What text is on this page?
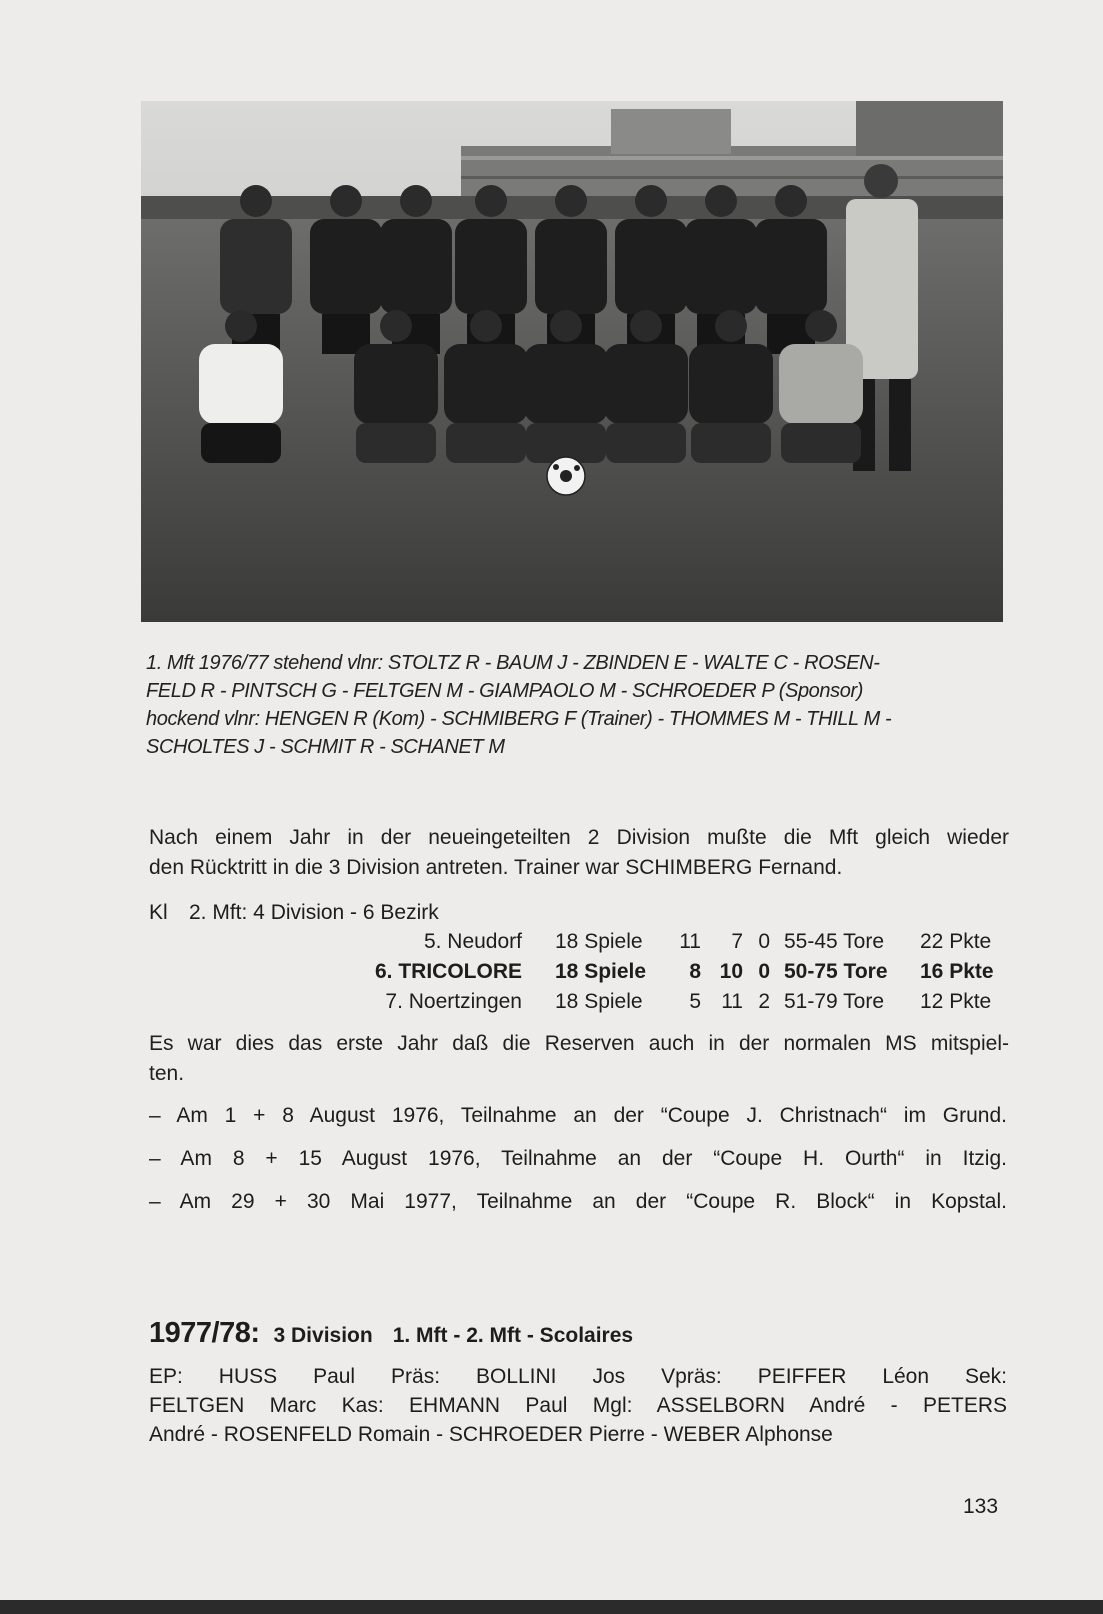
1. Mft 1976/77 stehend vlnr: STOLTZ R - BAUM J - ZBINDEN E - WALTE C - ROSEN-
FELD R - PINTSCH G - FELTGEN M - GIAMPAOLO M - SCHROEDER P (Sponsor)
hockend vlnr: HENGEN R (Kom) - SCHMIBERG F (Trainer) - THOMMES M - THILL M -
SCHOLTES J - SCHMIT R - SCHANET M
Nach einem Jahr in der neueingeteilten 2 Division mußte die Mft gleich wieder
den Rücktritt in die 3 Division antreten. Trainer war SCHIMBERG Fernand.
Kl 2. Mft: 4 Division - 6 Bezirk
5. Neudorf 18 Spiele	11	7 0 55-45 Tore 22 Pkte
6. TRICOLORE 18 Spiele	8 10 0 50-75 Tore 16 Pkte
7. Noertzingen 18 Spiele	5 11 2 51-79 Tore 12 Pkte
Es war dies das erste Jahr daß die Reserven auch in der normalen MS mitspiel-
ten.
– Am 1 + 8 August 1976, Teilnahme an der “Coupe J. Christnach“ im Grund.
– Am 8 + 15 August 1976, Teilnahme an der “Coupe H. Ourth“ in Itzig.
– Am 29 + 30 Mai 1977, Teilnahme an der “Coupe R. Block“ in Kopstal.
1977/78: 3 Division 1. Mft - 2. Mft - Scolaires
EP: HUSS Paul Präs: BOLLINI Jos Vpräs: PEIFFER Léon Sek:
FELTGEN Marc Kas: EHMANN Paul Mgl: ASSELBORN André - PETERS
André - ROSENFELD Romain - SCHROEDER Pierre - WEBER Alphonse
133
